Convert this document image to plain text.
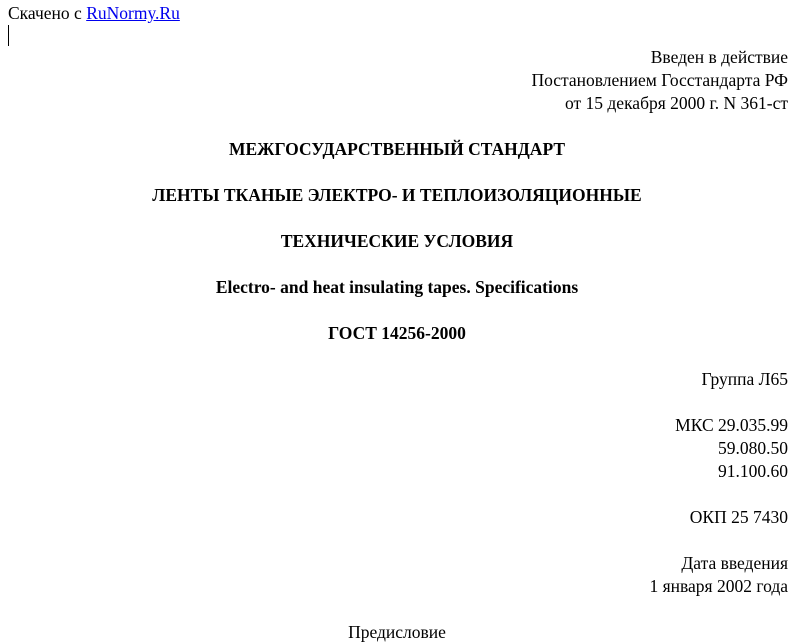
Скачено с RuNormy.Ru
Введен в действие
Постановлением Госстандарта РФ
от 15 декабря 2000 г. N 361-ст
МЕЖГОСУДАРСТВЕННЫЙ СТАНДАРТ
ЛЕНТЫ ТКАНЫЕ ЭЛЕКТРО- И ТЕПЛОИЗОЛЯЦИОННЫЕ
ТЕХНИЧЕСКИЕ УСЛОВИЯ
Electro- and heat insulating tapes. Specifications
ГОСТ 14256-2000
Группа Л65
МКС 29.035.99
59.080.50
91.100.60
ОКП 25 7430
Дата введения
1 января 2002 года
Предисловие
